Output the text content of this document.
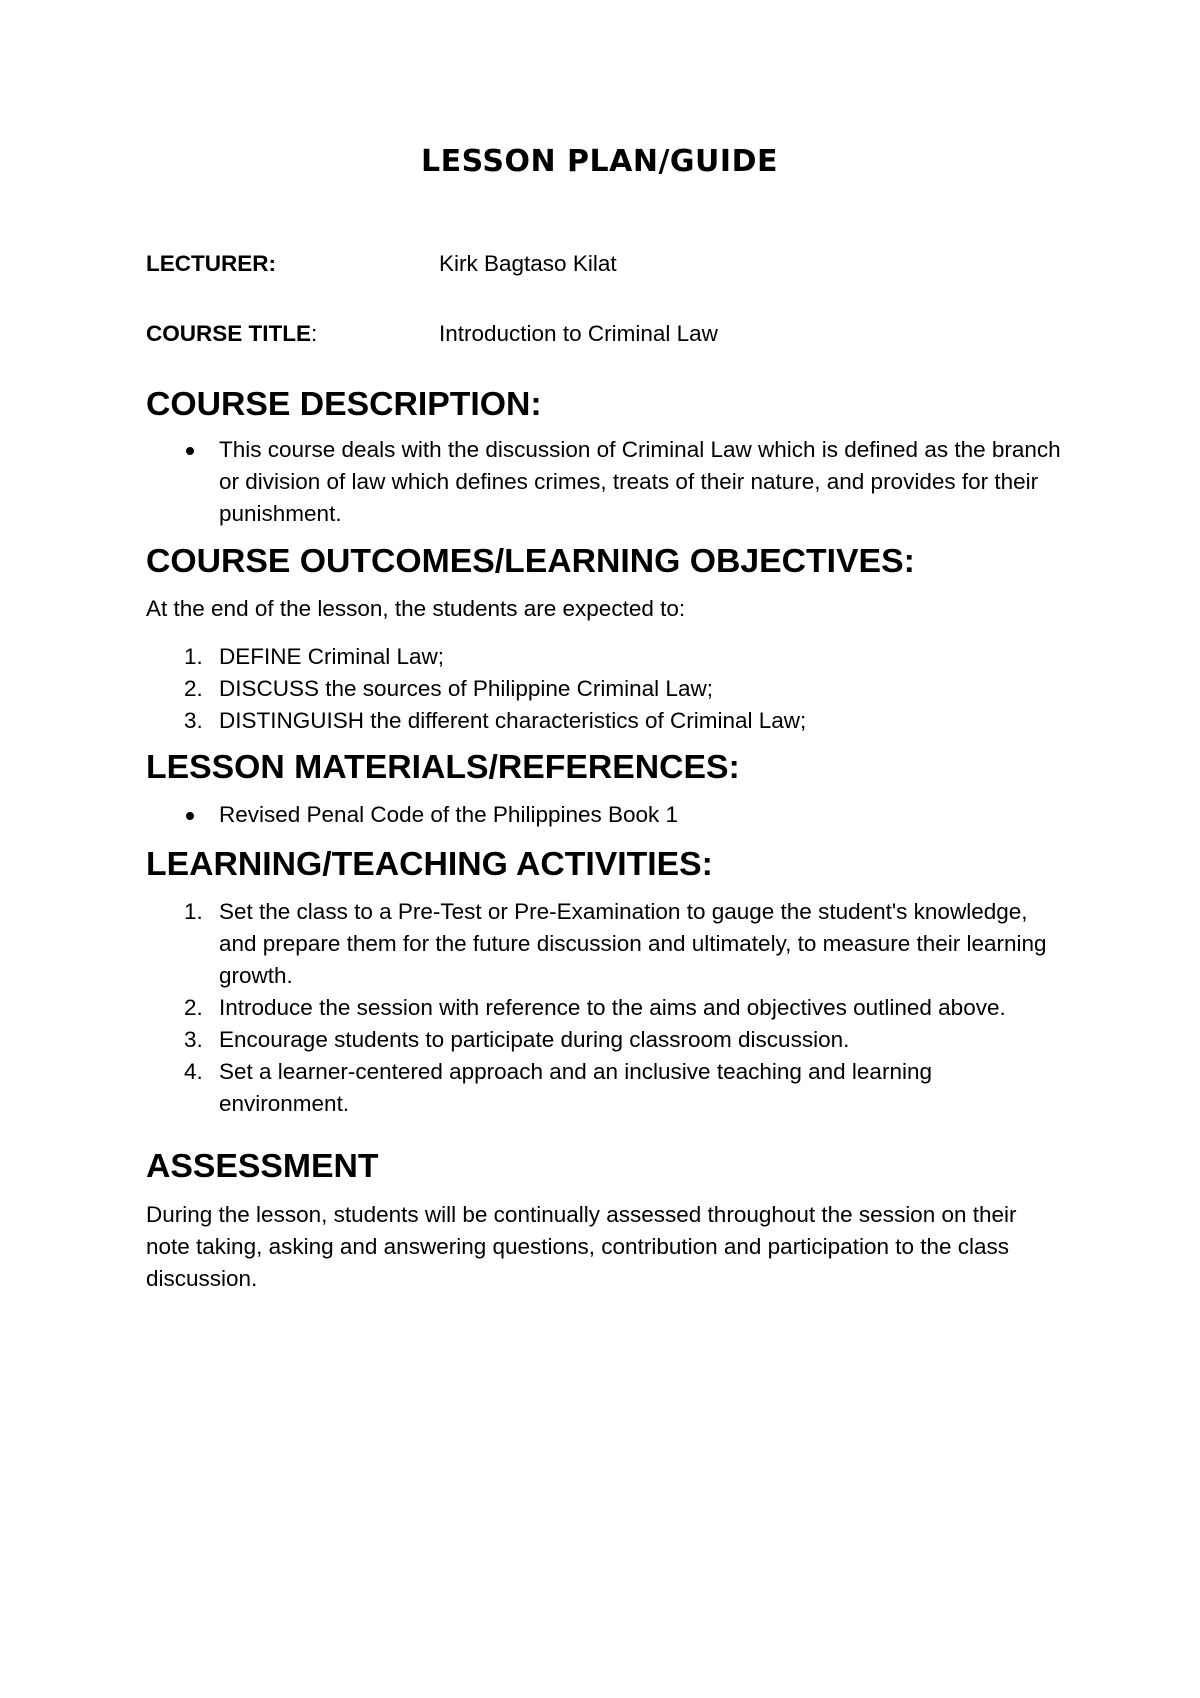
LESSON PLAN/GUIDE
LECTURER:	Kirk Bagtaso Kilat
COURSE TITLE:	Introduction to Criminal Law
COURSE DESCRIPTION:
This course deals with the discussion of Criminal Law which is defined as the branch or division of law which defines crimes, treats of their nature, and provides for their punishment.
COURSE OUTCOMES/LEARNING OBJECTIVES:

At the end of the lesson, the students are expected to:

1. DEFINE Criminal Law;
2. DISCUSS the sources of Philippine Criminal Law;
3. DISTINGUISH the different characteristics of Criminal Law;
LESSON MATERIALS/REFERENCES:
Revised Penal Code of the Philippines Book 1
LEARNING/TEACHING ACTIVITIES:
1. Set the class to a Pre-Test or Pre-Examination to gauge the student's knowledge, and prepare them for the future discussion and ultimately, to measure their learning growth.
2. Introduce the session with reference to the aims and objectives outlined above.
3. Encourage students to participate during classroom discussion.
4. Set a learner-centered approach and an inclusive teaching and learning environment.
ASSESSMENT

During the lesson, students will be continually assessed throughout the session on their note taking, asking and answering questions, contribution and participation to the class discussion.
